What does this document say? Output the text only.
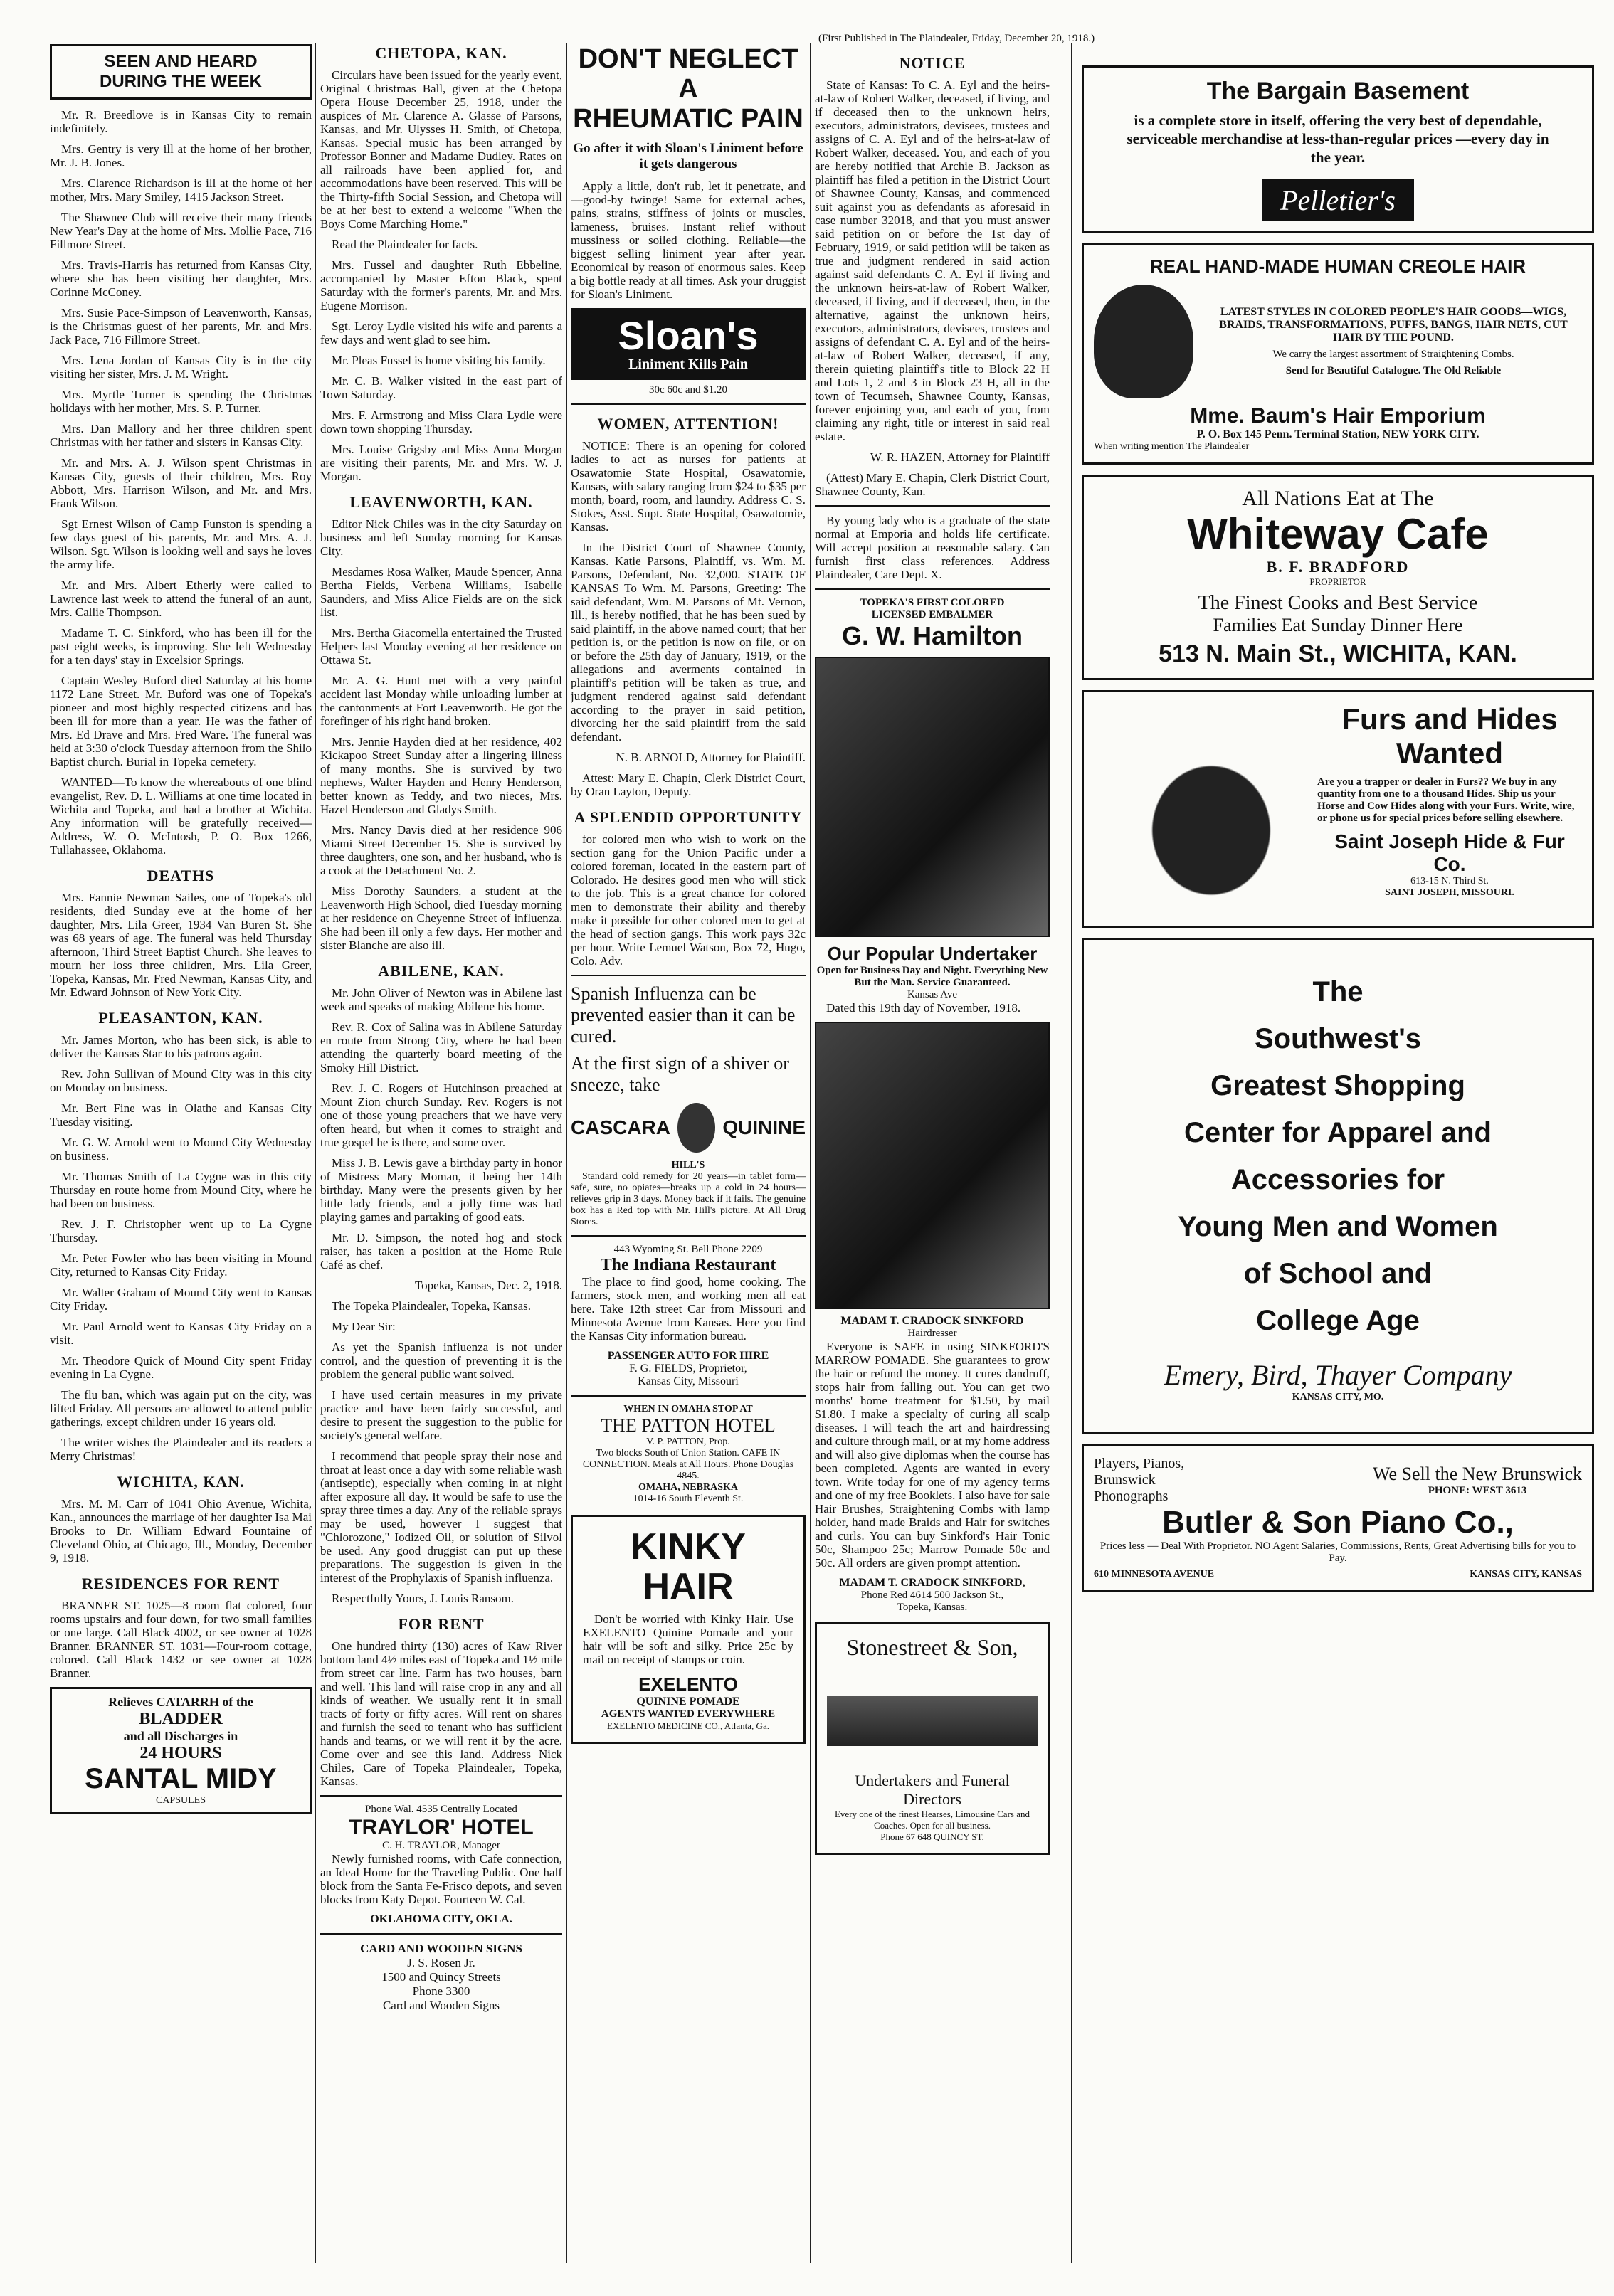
(First Published in The Plaindealer, Friday, December 20, 1918.)
SEEN AND HEARD
DURING THE WEEK

Mr. R. Breedlove is in Kansas City to remain indefinitely.

Mrs. Gentry is very ill at the home of her brother, Mr. J. B. Jones.

Mrs. Clarence Richardson is ill at the home of her mother, Mrs. Mary Smiley, 1415 Jackson Street.

The Shawnee Club will receive their many friends New Year's Day at the home of Mrs. Mollie Pace, 716 Fillmore Street.

Mrs. Travis-Harris has returned from Kansas City, where she has been visiting her daughter, Mrs. Corinne McConey.

Mrs. Susie Pace-Simpson of Leavenworth, Kansas, is the Christmas guest of her parents, Mr. and Mrs. Jack Pace, 716 Fillmore Street.

Mrs. Lena Jordan of Kansas City is in the city visiting her sister, Mrs. J. M. Wright.

Mrs. Myrtle Turner is spending the Christmas holidays with her mother, Mrs. S. P. Turner.

Mrs. Dan Mallory and her three children spent Christmas with her father and sisters in Kansas City.

Mr. and Mrs. A. J. Wilson spent Christmas in Kansas City, guests of their children, Mrs. Roy Abbott, Mrs. Harrison Wilson, and Mr. and Mrs. Frank Wilson.

Sgt Ernest Wilson of Camp Funston is spending a few days guest of his parents, Mr. and Mrs. A. J. Wilson. Sgt. Wilson is looking well and says he loves the army life.

Mr. and Mrs. Albert Etherly were called to Lawrence last week to attend the funeral of an aunt, Mrs. Callie Thompson.

Madame T. C. Sinkford, who has been ill for the past eight weeks, is improving. She left Wednesday for a ten days' stay in Excelsior Springs.

Captain Wesley Buford died Saturday at his home 1172 Lane Street. Mr. Buford was one of Topeka's pioneer and most highly respected citizens and has been ill for more than a year. He was the father of Mrs. Ed Drave and Mrs. Fred Ware. The funeral was held at 3:30 o'clock Tuesday afternoon from the Shilo Baptist church. Burial in Topeka cemetery.

WANTED—To know the whereabouts of one blind evangelist, Rev. D. L. Williams at one time located in Wichita and Topeka, and had a brother at Wichita. Any information will be gratefully received—Address, W. O. McIntosh, P. O. Box 1266, Tullahassee, Oklahoma.

DEATHS

Mrs. Fannie Newman Sailes, one of Topeka's old residents, died Sunday eve at the home of her daughter, Mrs. Lila Greer, 1934 Van Buren St. She was 68 years of age. The funeral was held Thursday afternoon, Third Street Baptist Church. She leaves to mourn her loss three children, Mrs. Lila Greer, Topeka, Kansas, Mr. Fred Newman, Kansas City, and Mr. Edward Johnson of New York City.

PLEASANTON, KAN.

Mr. James Morton, who has been sick, is able to deliver the Kansas Star to his patrons again.

Rev. John Sullivan of Mound City was in this city on Monday on business.

Mr. Bert Fine was in Olathe and Kansas City Tuesday visiting.

Mr. G. W. Arnold went to Mound City Wednesday on business.

Mr. Thomas Smith of La Cygne was in this city Thursday en route home from Mound City, where he had been on business.

Rev. J. F. Christopher went up to La Cygne Thursday.

Mr. Peter Fowler who has been visiting in Mound City, returned to Kansas City Friday.

Mr. Walter Graham of Mound City went to Kansas City Friday.

Mr. Paul Arnold went to Kansas City Friday on a visit.

Mr. Theodore Quick of Mound City spent Friday evening in La Cygne.

The flu ban, which was again put on the city, was lifted Friday. All persons are allowed to attend public gatherings, except children under 16 years old.

The writer wishes the Plaindealer and its readers a Merry Christmas!

WICHITA, KAN.

Mrs. M. M. Carr of 1041 Ohio Avenue, Wichita, Kan., announces the marriage of her daughter Isa Mai Brooks to Dr. William Edward Fountaine of Cleveland Ohio, at Chicago, Ill., Monday, December 9, 1918.

RESIDENCES FOR RENT

BRANNER ST. 1025—8 room flat colored, four rooms upstairs and four down, for two small families or one large. Call Black 4002, or see owner at 1028 Branner. BRANNER ST. 1031—Four-room cottage, colored. Call Black 1432 or see owner at 1028 Branner.

Relieves CATARRH of the
BLADDER
and all Discharges in
24 HOURS
SANTAL MIDY
CAPSULES
CHETOPA, KAN.

Circulars have been issued for the yearly event, Original Christmas Ball, given at the Chetopa Opera House December 25, 1918, under the auspices of Mr. Clarence A. Glasse of Parsons, Kansas, and Mr. Ulysses H. Smith, of Chetopa, Kansas. Special music has been arranged by Professor Bonner and Madame Dudley. Rates on all railroads have been applied for, and accommodations have been reserved. This will be the Thirty-fifth Social Session, and Chetopa will be at her best to extend a welcome "When the Boys Come Marching Home."

Read the Plaindealer for facts.

Mrs. Fussel and daughter Ruth Ebbeline, accompanied by Master Efton Black, spent Saturday with the former's parents, Mr. and Mrs. Eugene Morrison.

Sgt. Leroy Lydle visited his wife and parents a few days and went glad to see him.

Mr. Pleas Fussel is home visiting his family.

Mr. C. B. Walker visited in the east part of Town Saturday.

Mrs. F. Armstrong and Miss Clara Lydle were down town shopping Thursday.

Mrs. Louise Grigsby and Miss Anna Morgan are visiting their parents, Mr. and Mrs. W. J. Morgan.

LEAVENWORTH, KAN.

Editor Nick Chiles was in the city Saturday on business and left Sunday morning for Kansas City.

Mesdames Rosa Walker, Maude Spencer, Anna Bertha Fields, Verbena Williams, Isabelle Saunders, and Miss Alice Fields are on the sick list.

Mrs. Bertha Giacomella entertained the Trusted Helpers last Monday evening at her residence on Ottawa St.

Mr. A. G. Hunt met with a very painful accident last Monday while unloading lumber at the cantonments at Fort Leavenworth. He got the forefinger of his right hand broken.

Mrs. Jennie Hayden died at her residence, 402 Kickapoo Street Sunday after a lingering illness of many months. She is survived by two nephews, Walter Hayden and Henry Henderson, better known as Teddy, and two nieces, Mrs. Hazel Henderson and Gladys Smith.

Mrs. Nancy Davis died at her residence 906 Miami Street December 15. She is survived by three daughters, one son, and her husband, who is a cook at the Detachment No. 2.

Miss Dorothy Saunders, a student at the Leavenworth High School, died Tuesday morning at her residence on Cheyenne Street of influenza. She had been ill only a few days. Her mother and sister Blanche are also ill.

ABILENE, KAN.

Mr. John Oliver of Newton was in Abilene last week and speaks of making Abilene his home.

Rev. R. Cox of Salina was in Abilene Saturday en route from Strong City, where he had been attending the quarterly board meeting of the Smoky Hill District.

Rev. J. C. Rogers of Hutchinson preached at Mount Zion church Sunday. Rev. Rogers is not one of those young preachers that we have very often heard, but when it comes to straight and true gospel he is there, and some over.

Miss J. B. Lewis gave a birthday party in honor of Mistress Mary Moman, it being her 14th birthday. Many were the presents given by her little lady friends, and a jolly time was had playing games and partaking of good eats.

Mr. D. Simpson, the noted hog and stock raiser, has taken a position at the Home Rule Café as chef.

Topeka, Kansas, Dec. 2, 1918.

The Topeka Plaindealer, Topeka, Kansas.

My Dear Sir:

As yet the Spanish influenza is not under control, and the question of preventing it is the problem the general public want solved.

I have used certain measures in my private practice and have been fairly successful, and desire to present the suggestion to the public for society's general welfare.

I recommend that people spray their nose and throat at least once a day with some reliable wash (antiseptic), especially when coming in at night after exposure all day. It would be safe to use the spray three times a day. Any of the reliable sprays may be used, however I suggest that "Chlorozone," Iodized Oil, or solution of Silvol be used. Any good druggist can put up these preparations. The suggestion is given in the interest of the Prophylaxis of Spanish influenza.

Respectfully Yours, J. Louis Ransom.

FOR RENT

One hundred thirty (130) acres of Kaw River bottom land 4½ miles east of Topeka and 1½ mile from street car line. Farm has two houses, barn and well. This land will raise crop in any and all kinds of weather. We usually rent it in small tracts of forty or fifty acres. Will rent on shares and furnish the seed to tenant who has sufficient hands and teams, or we will rent it by the acre. Come over and see this land. Address Nick Chiles, Care of Topeka Plaindealer, Topeka, Kansas.

Phone Wal. 4535 Centrally Located
TRAYLOR' HOTEL
C. H. TRAYLOR, Manager

Newly furnished rooms, with Cafe connection, an Ideal Home for the Traveling Public. One half block from the Santa Fe-Frisco depots, and seven blocks from Katy Depot. Fourteen W. Cal.

OKLAHOMA CITY, OKLA.
CARD AND WOODEN SIGNS
J. S. Rosen Jr.
1500 and Quincy Streets
Phone 3300
Card and Wooden Signs
DON'T NEGLECT A
RHEUMATIC PAIN
Go after it with Sloan's Liniment before it gets dangerous

Apply a little, don't rub, let it penetrate, and—good-by twinge! Same for external aches, pains, strains, stiffness of joints or muscles, lameness, bruises. Instant relief without mussiness or soiled clothing. Reliable—the biggest selling liniment year after year. Economical by reason of enormous sales. Keep a big bottle ready at all times. Ask your druggist for Sloan's Liniment.

Sloan's
Liniment Kills Pain
30c 60c and $1.20
WOMEN, ATTENTION!

NOTICE: There is an opening for colored ladies to act as nurses for patients at Osawatomie State Hospital, Osawatomie, Kansas, with salary ranging from $24 to $35 per month, board, room, and laundry. Address C. S. Stokes, Asst. Supt. State Hospital, Osawatomie, Kansas.

In the District Court of Shawnee County, Kansas. Katie Parsons, Plaintiff, vs. Wm. M. Parsons, Defendant, No. 32,000. STATE OF KANSAS To Wm. M. Parsons, Greeting: The said defendant, Wm. M. Parsons of Mt. Vernon, Ill., is hereby notified, that he has been sued by said plaintiff, in the above named court; that her petition is, or the petition is now on file, or on or before the 25th day of January, 1919, or the allegations and averments contained in plaintiff's petition will be taken as true, and judgment rendered against said defendant according to the prayer in said petition, divorcing her the said plaintiff from the said defendant.

N. B. ARNOLD, Attorney for Plaintiff.

Attest: Mary E. Chapin, Clerk District Court, by Oran Layton, Deputy.

A SPLENDID OPPORTUNITY

for colored men who wish to work on the section gang for the Union Pacific under a colored foreman, located in the eastern part of Colorado. He desires good men who will stick to the job. This is a great chance for colored men to demonstrate their ability and thereby make it possible for other colored men to get at the head of section gangs. This work pays 32c per hour. Write Lemuel Watson, Box 72, Hugo, Colo. Adv.

Spanish Influenza can be prevented easier than it can be cured.
At the first sign of a shiver or sneeze, take
CASCARA	QUININE
HILL'S

Standard cold remedy for 20 years—in tablet form—safe, sure, no opiates—breaks up a cold in 24 hours—relieves grip in 3 days. Money back if it fails. The genuine box has a Red top with Mr. Hill's picture. At All Drug Stores.

443 Wyoming St. Bell Phone 2209
The Indiana Restaurant

The place to find good, home cooking. The farmers, stock men, and working men all eat here. Take 12th street Car from Missouri and Minnesota Avenue from Kansas. Here you find the Kansas City information bureau.

PASSENGER AUTO FOR HIRE
F. G. FIELDS, Proprietor,
Kansas City, Missouri
WHEN IN OMAHA STOP AT
THE PATTON HOTEL
V. P. PATTON, Prop.
Two blocks South of Union Station. CAFE IN CONNECTION. Meals at All Hours. Phone Douglas 4845.
OMAHA, NEBRASKA
1014-16 South Eleventh St.
KINKY HAIR

Don't be worried with Kinky Hair. Use EXELENTO Quinine Pomade and your hair will be soft and silky. Price 25c by mail on receipt of stamps or coin.

EXELENTO
QUININE POMADE
AGENTS WANTED EVERYWHERE
EXELENTO MEDICINE CO., Atlanta, Ga.
NOTICE

State of Kansas: To C. A. Eyl and the heirs-at-law of Robert Walker, deceased, if living, and if deceased then to the unknown heirs, executors, administrators, devisees, trustees and assigns of C. A. Eyl and of the heirs-at-law of Robert Walker, deceased. You, and each of you are hereby notified that Archie B. Jackson as plaintiff has filed a petition in the District Court of Shawnee County, Kansas, and commenced suit against you as defendants as aforesaid in case number 32018, and that you must answer said petition on or before the 1st day of February, 1919, or said petition will be taken as true and judgment rendered in said action against said defendants C. A. Eyl if living and the unknown heirs-at-law of Robert Walker, deceased, if living, and if deceased, then, in the alternative, against the unknown heirs, executors, administrators, devisees, trustees and assigns of defendant C. A. Eyl and of the heirs-at-law of Robert Walker, deceased, if any, therein quieting plaintiff's title to Block 22 H and Lots 1, 2 and 3 in Block 23 H, all in the town of Tecumseh, Shawnee County, Kansas, forever enjoining you, and each of you, from claiming any right, title or interest in said real estate.

W. R. HAZEN, Attorney for Plaintiff

(Attest) Mary E. Chapin, Clerk District Court, Shawnee County, Kan.

By young lady who is a graduate of the state normal at Emporia and holds life certificate. Will accept position at reasonable salary. Can furnish first class references. Address Plaindealer, Care Dept. X.

TOPEKA'S FIRST COLORED
LICENSED EMBALMER
G. W. Hamilton
Our Popular Undertaker
Open for Business Day and Night. Everything New But the Man. Service Guaranteed.
Kansas Ave

Dated this 19th day of November, 1918.

MADAM T. CRADOCK SINKFORD
Hairdresser

Everyone is SAFE in using SINKFORD'S MARROW POMADE. She guarantees to grow the hair or refund the money. It cures dandruff, stops hair from falling out. You can get two months' home treatment for $1.50, by mail $1.80. I make a specialty of curing all scalp diseases. I will teach the art and hairdressing and culture through mail, or at my home address and will also give diplomas when the course has been completed. Agents are wanted in every town. Write today for one of my agency terms and one of my free Booklets. I also have for sale Hair Brushes, Straightening Combs with lamp holder, hand made Braids and Hair for switches and curls. You can buy Sinkford's Hair Tonic 50c, Shampoo 25c; Marrow Pomade 50c and 50c. All orders are given prompt attention.

MADAM T. CRADOCK SINKFORD,
Phone Red 4614 500 Jackson St.,
Topeka, Kansas.
Stonestreet & Son,
Undertakers and Funeral Directors
Every one of the finest Hearses, Limousine Cars and Coaches. Open for all business.
Phone 67 648 QUINCY ST.
The Bargain Basement
is a complete store in itself, offering the very best of dependable, serviceable merchandise at less-than-regular prices —every day in the year.
Pelletier's
REAL HAND-MADE HUMAN CREOLE HAIR
LATEST STYLES IN COLORED PEOPLE'S HAIR GOODS—WIGS, BRAIDS, TRANSFORMATIONS, PUFFS, BANGS, HAIR NETS, CUT HAIR BY THE POUND.
We carry the largest assortment of Straightening Combs.
Send for Beautiful Catalogue. The Old Reliable
Mme. Baum's Hair Emporium
P. O. Box 145 Penn. Terminal Station, NEW YORK CITY.
When writing mention The Plaindealer
All Nations Eat at The
Whiteway Cafe
B. F. BRADFORD
PROPRIETOR
The Finest Cooks and Best Service
Families Eat Sunday Dinner Here
513 N. Main St., WICHITA, KAN.
Furs and Hides
Wanted
Are you a trapper or dealer in Furs?? We buy in any quantity from one to a thousand Hides. Ship us your Horse and Cow Hides along with your Furs. Write, wire, or phone us for special prices before selling elsewhere.
Saint Joseph Hide & Fur Co.
613-15 N. Third St.
SAINT JOSEPH, MISSOURI.
The
Southwest's
Greatest Shopping
Center for Apparel and
Accessories for
Young Men and Women
of School and
College Age
Emery, Bird, Thayer Company
KANSAS CITY, MO.
Players, Pianos, Brunswick Phonographs
We Sell the New Brunswick
PHONE: WEST 3613
Butler & Son Piano Co.,
Prices less — Deal With Proprietor. NO Agent Salaries, Commissions, Rents, Great Advertising bills for you to Pay.
610 MINNESOTA AVENUE	KANSAS CITY, KANSAS
